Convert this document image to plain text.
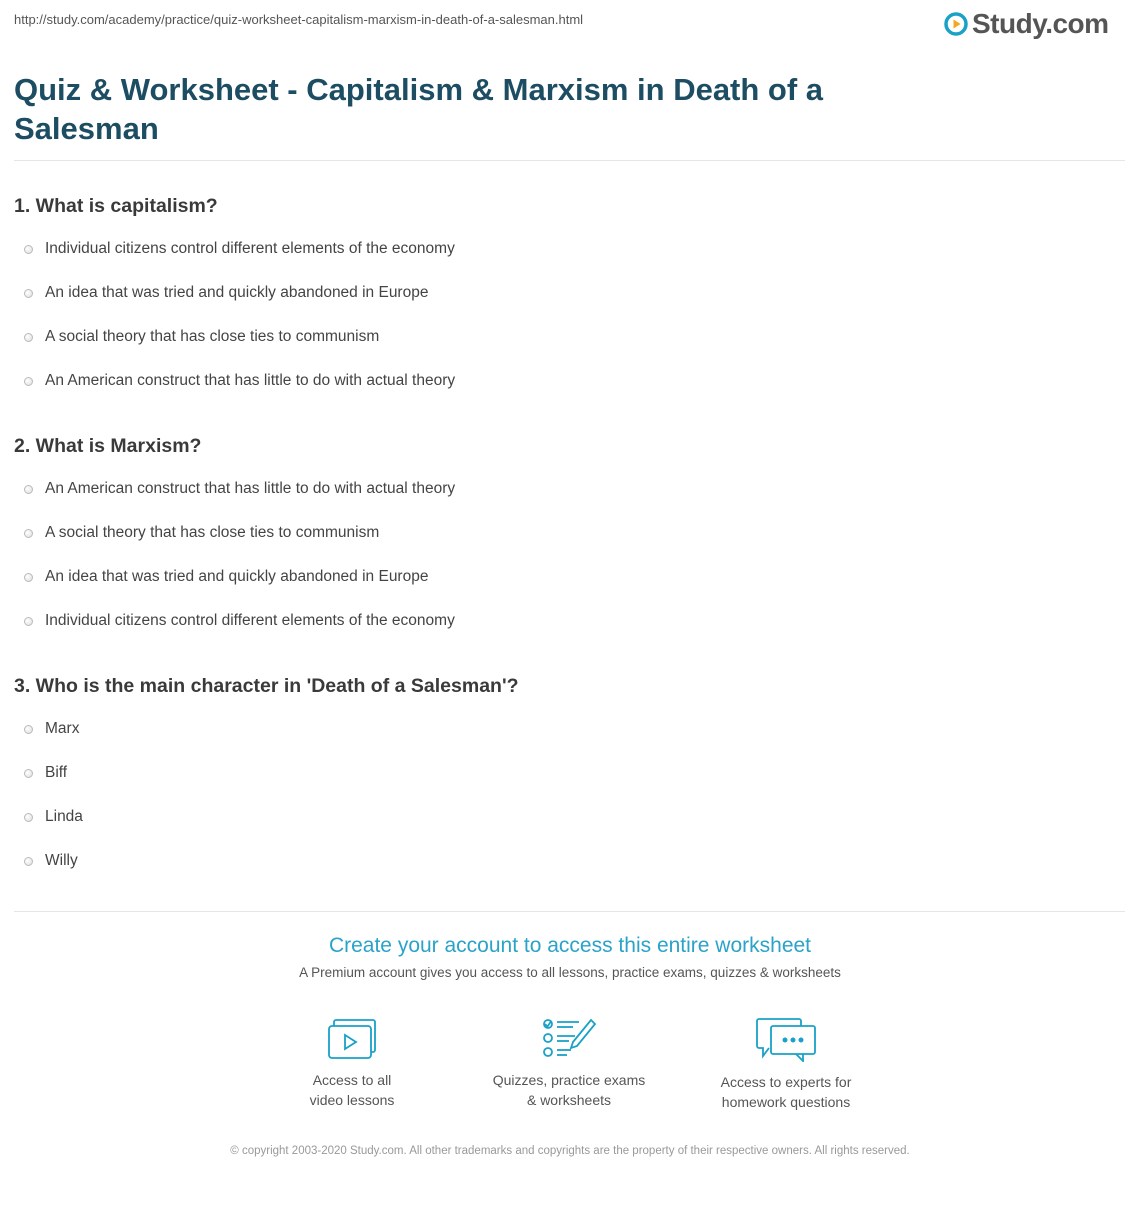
http://study.com/academy/practice/quiz-worksheet-capitalism-marxism-in-death-of-a-salesman.html	Study.com
Quiz & Worksheet - Capitalism & Marxism in Death of a Salesman
1. What is capitalism?
Individual citizens control different elements of the economy
An idea that was tried and quickly abandoned in Europe
A social theory that has close ties to communism
An American construct that has little to do with actual theory
2. What is Marxism?
An American construct that has little to do with actual theory
A social theory that has close ties to communism
An idea that was tried and quickly abandoned in Europe
Individual citizens control different elements of the economy
3. Who is the main character in 'Death of a Salesman'?
Marx
Biff
Linda
Willy
Create your account to access this entire worksheet
A Premium account gives you access to all lessons, practice exams, quizzes & worksheets
Access to all
video lessons
Quizzes, practice exams
& worksheets
Access to experts for
homework questions
© copyright 2003-2020 Study.com. All other trademarks and copyrights are the property of their respective owners. All rights reserved.
